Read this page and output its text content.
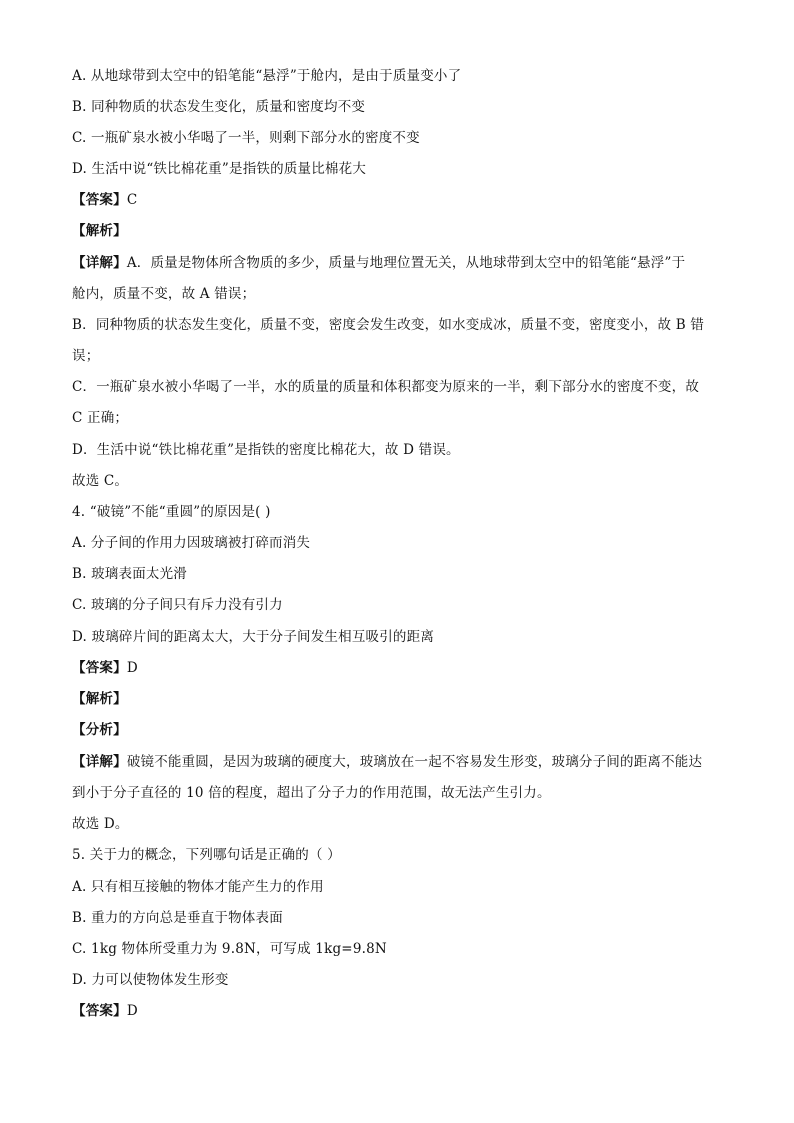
A. 从地球带到太空中的铅笔能“悬浮”于舱内，是由于质量变小了
B. 同种物质的状态发生变化，质量和密度均不变
C. 一瓶矿泉水被小华喝了一半，则剩下部分水的密度不变
D. 生活中说“铁比棉花重”是指铁的质量比棉花大
【答案】C
【解析】
【详解】A．质量是物体所含物质的多少，质量与地理位置无关，从地球带到太空中的铅笔能“悬浮”于
舱内，质量不变，故 A 错误；
B．同种物质的状态发生变化，质量不变，密度会发生改变，如水变成冰，质量不变，密度变小，故 B 错
误；
C．一瓶矿泉水被小华喝了一半，水的质量的质量和体积都变为原来的一半，剩下部分水的密度不变，故
C 正确；
D．生活中说“铁比棉花重”是指铁的密度比棉花大，故 D 错误。
故选 C。
4. “破镜”不能“重圆”的原因是( )
A. 分子间的作用力因玻璃被打碎而消失
B. 玻璃表面太光滑
C. 玻璃的分子间只有斥力没有引力
D. 玻璃碎片间的距离太大，大于分子间发生相互吸引的距离
【答案】D
【解析】
【分析】
【详解】破镜不能重圆，是因为玻璃的硬度大，玻璃放在一起不容易发生形变，玻璃分子间的距离不能达
到小于分子直径的 10 倍的程度，超出了分子力的作用范围，故无法产生引力。
故选 D。
5. 关于力的概念，下列哪句话是正确的（ ）
A. 只有相互接触的物体才能产生力的作用
B. 重力的方向总是垂直于物体表面
C. 1kg 物体所受重力为 9.8N，可写成 1kg=9.8N
D. 力可以使物体发生形变
【答案】D
